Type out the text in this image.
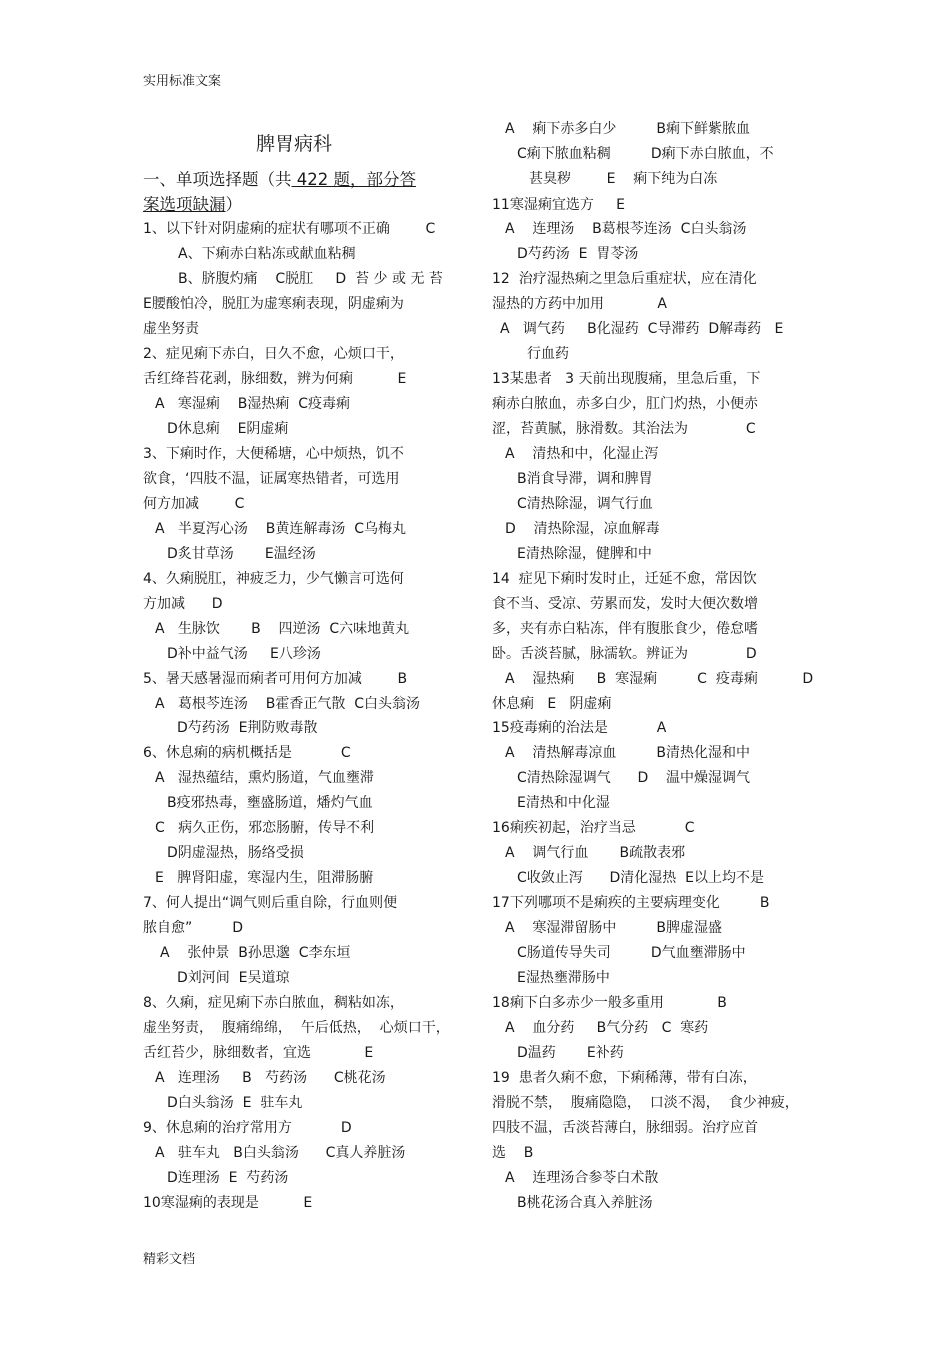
实用标准文案
脾胃病科
一、单项选择题（共 422 题，部分答
案选项缺漏）
1、以下针对阴虚痢的症状有哪项不正确        C
A、下痢赤白粘冻或献血粘稠
B、脐腹灼痛    C脱肛     D  苔 少 或 无 苔
E腰酸怕冷，脱肛为虚寒痢表现，阴虚痢为
虚坐努责
2、症见痢下赤白，日久不愈，心烦口干，
舌红绛苔花剥，脉细数，辨为何痢          E
A   寒湿痢    B湿热痢  C疫毒痢
D休息痢    E阴虚痢
3、下痢时作，大便稀塘，心中烦热，饥不
欲食，‘四肢不温，证属寒热错者，可选用
何方加减        C
A   半夏泻心汤    B黄连解毒汤  C乌梅丸
D炙甘草汤       E温经汤
4、久痢脱肛，神疲乏力，少气懒言可选何
方加减      D
A   生脉饮       B    四逆汤  C六味地黄丸
D补中益气汤     E八珍汤
5、暑天感暑湿而痢者可用何方加减        B
A   葛根芩连汤    B霍香正气散  C白头翁汤
D芍药汤  E荆防败毒散
6、休息痢的病机概括是           C
A   湿热蕴结，熏灼肠道，气血壅滞
B疫邪热毒，壅盛肠道，燔灼气血
C   病久正伤，邪恋肠腑，传导不利
D阴虚湿热，肠络受损
E   脾肾阳虚，寒湿内生，阻滞肠腑
7、何人提出“调气则后重自除，行血则便
脓自愈”         D
A    张仲景  B孙思邈  C李东垣
D刘河间  E吴道琼
8、久痢，症见痢下赤白脓血，稠粘如冻，
虚坐努责，  腹痛绵绵，  午后低热，  心烦口干，
舌红苔少，脉细数者，宜选            E
A   连理汤     B   芍药汤      C桃花汤
D白头翁汤  E  驻车丸
9、休息痢的治疗常用方           D
A   驻车丸   B白头翁汤      C真人养脏汤
D连理汤  E  芍药汤
10寒湿痢的表现是          E
A    痢下赤多白少         B痢下鲜紫脓血
C痢下脓血粘稠         D痢下赤白脓血，不
甚臭秽        E    痢下纯为白冻
11寒湿痢宜选方     E
A    连理汤    B葛根芩连汤  C白头翁汤
D芍药汤  E  胃苓汤
12  治疗湿热痢之里急后重症状，应在清化
湿热的方药中加用            A
A   调气药     B化湿药  C导滞药  D解毒药   E
行血药
13某患者   3 天前出现腹痛，里急后重，下
痢赤白脓血，赤多白少，肛门灼热，小便赤
涩，苔黄腻，脉滑数。其治法为             C
A    清热和中，化湿止泻
B消食导滞，调和脾胃
C清热除湿，调气行血
D    清热除湿，凉血解毒
E清热除湿，健脾和中
14  症见下痢时发时止，迁延不愈，常因饮
食不当、受凉、劳累而发，发时大便次数增
多，夹有赤白粘冻，伴有腹胀食少，倦怠嗜
卧。舌淡苔腻，脉濡软。辨证为             D
A    湿热痢     B  寒湿痢         C  疫毒痢          D
休息痢   E   阴虚痢
15疫毒痢的治法是           A
A    清热解毒凉血         B清热化湿和中
C清热除湿调气      D    温中燥湿调气
E清热和中化湿
16痢疾初起，治疗当忌           C
A    调气行血       B疏散表邪
C收敛止泻      D清化湿热  E以上均不是
17下列哪项不是痢疾的主要病理变化         B
A    寒湿滞留肠中         B脾虚湿盛
C肠道传导失司         D气血壅滞肠中
E湿热壅滞肠中
18痢下白多赤少一般多重用            B
A    血分药     B气分药   C  寒药
D温药       E补药
19  患者久痢不愈，下痢稀薄，带有白冻，
滑脱不禁，  腹痛隐隐，  口淡不渴，  食少神疲，
四肢不温，舌淡苔薄白，脉细弱。治疗应首
选    B
A    连理汤合参苓白术散
B桃花汤合真入养脏汤
精彩文档
